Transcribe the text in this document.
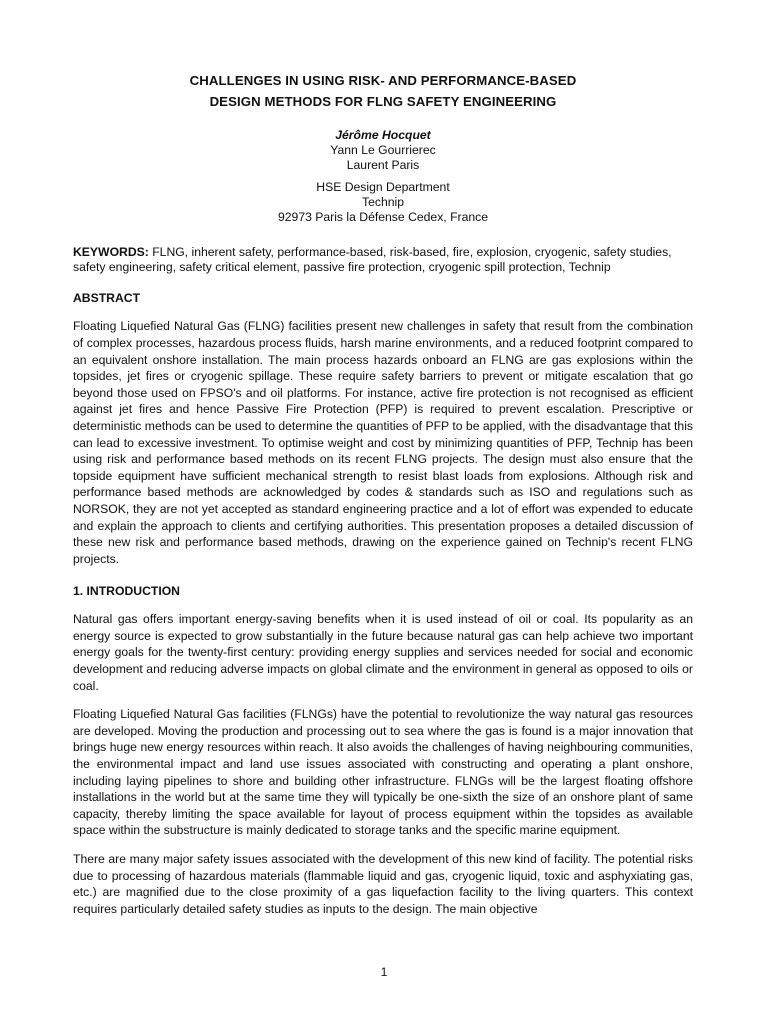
CHALLENGES IN USING RISK- AND PERFORMANCE-BASED
DESIGN METHODS FOR FLNG SAFETY ENGINEERING
Jérôme Hocquet
Yann Le Gourrierec
Laurent Paris
HSE Design Department
Technip
92973 Paris la Défense Cedex, France
KEYWORDS: FLNG, inherent safety, performance-based, risk-based, fire, explosion, cryogenic, safety studies, safety engineering, safety critical element, passive fire protection, cryogenic spill protection, Technip
ABSTRACT

Floating Liquefied Natural Gas (FLNG) facilities present new challenges in safety that result from the combination of complex processes, hazardous process fluids, harsh marine environments, and a reduced footprint compared to an equivalent onshore installation. The main process hazards onboard an FLNG are gas explosions within the topsides, jet fires or cryogenic spillage. These require safety barriers to prevent or mitigate escalation that go beyond those used on FPSO's and oil platforms. For instance, active fire protection is not recognised as efficient against jet fires and hence Passive Fire Protection (PFP) is required to prevent escalation. Prescriptive or deterministic methods can be used to determine the quantities of PFP to be applied, with the disadvantage that this can lead to excessive investment. To optimise weight and cost by minimizing quantities of PFP, Technip has been using risk and performance based methods on its recent FLNG projects. The design must also ensure that the topside equipment have sufficient mechanical strength to resist blast loads from explosions. Although risk and performance based methods are acknowledged by codes & standards such as ISO and regulations such as NORSOK, they are not yet accepted as standard engineering practice and a lot of effort was expended to educate and explain the approach to clients and certifying authorities. This presentation proposes a detailed discussion of these new risk and performance based methods, drawing on the experience gained on Technip's recent FLNG projects.

1. INTRODUCTION

Natural gas offers important energy-saving benefits when it is used instead of oil or coal. Its popularity as an energy source is expected to grow substantially in the future because natural gas can help achieve two important energy goals for the twenty-first century: providing energy supplies and services needed for social and economic development and reducing adverse impacts on global climate and the environment in general as opposed to oils or coal.

Floating Liquefied Natural Gas facilities (FLNGs) have the potential to revolutionize the way natural gas resources are developed. Moving the production and processing out to sea where the gas is found is a major innovation that brings huge new energy resources within reach. It also avoids the challenges of having neighbouring communities, the environmental impact and land use issues associated with constructing and operating a plant onshore, including laying pipelines to shore and building other infrastructure. FLNGs will be the largest floating offshore installations in the world but at the same time they will typically be one-sixth the size of an onshore plant of same capacity, thereby limiting the space available for layout of process equipment within the topsides as available space within the substructure is mainly dedicated to storage tanks and the specific marine equipment.

There are many major safety issues associated with the development of this new kind of facility. The potential risks due to processing of hazardous materials (flammable liquid and gas, cryogenic liquid, toxic and asphyxiating gas, etc.) are magnified due to the close proximity of a gas liquefaction facility to the living quarters. This context requires particularly detailed safety studies as inputs to the design. The main objective

1
